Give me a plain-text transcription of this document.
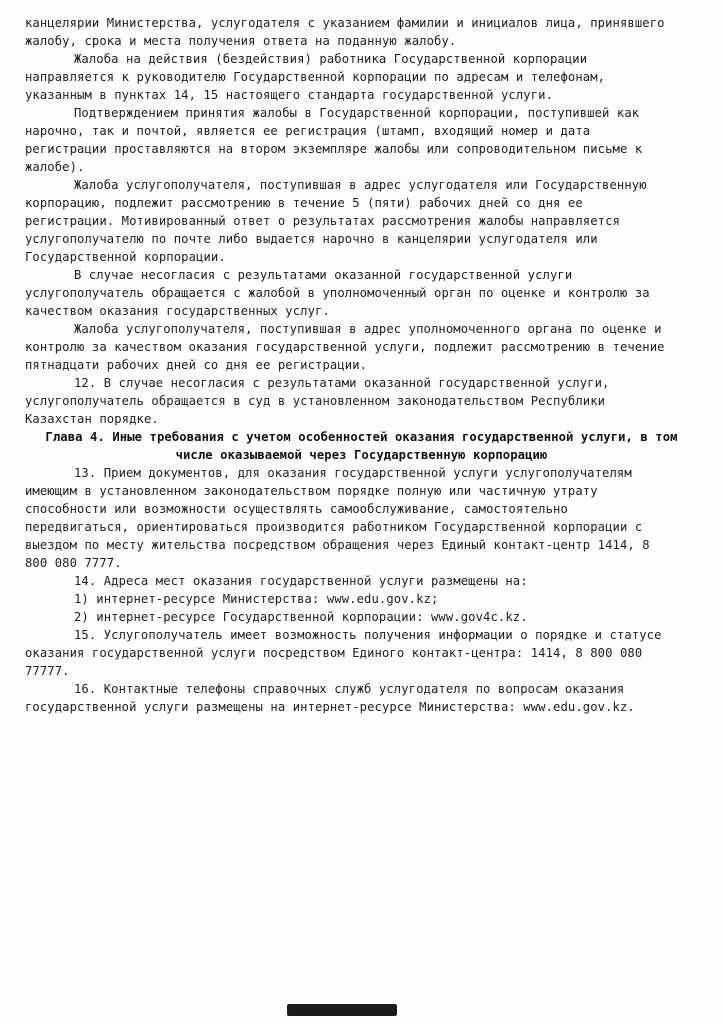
канцелярии Министерства, услугодателя с указанием фамилии и инициалов лица, принявшего
жалобу, срока и места получения ответа на поданную жалобу.
Жалоба на действия (бездействия) работника Государственной корпорации
направляется к руководителю Государственной корпорации по адресам и телефонам,
указанным в пунктах 14, 15 настоящего стандарта государственной услуги.
Подтверждением принятия жалобы в Государственной корпорации, поступившей как
нарочно, так и почтой, является ее регистрация (штамп, входящий номер и дата
регистрации проставляются на втором экземпляре жалобы или сопроводительном письме к
жалобе).
Жалоба услугополучателя, поступившая в адрес услугодателя или Государственную
корпорацию, подлежит рассмотрению в течение 5 (пяти) рабочих дней со дня ее
регистрации. Мотивированный ответ о результатах рассмотрения жалобы направляется
услугополучателю по почте либо выдается нарочно в канцелярии услугодателя или
Государственной корпорации.
В случае несогласия с результатами оказанной государственной услуги
услугополучатель обращается с жалобой в уполномоченный орган по оценке и контролю за
качеством оказания государственных услуг.
Жалоба услугополучателя, поступившая в адрес уполномоченного органа по оценке и
контролю за качеством оказания государственной услуги, подлежит рассмотрению в течение
пятнадцати рабочих дней со дня ее регистрации.
12. В случае несогласия с результатами оказанной государственной услуги,
услугополучатель обращается в суд в установленном законодательством Республики
Казахстан порядке.
Глава 4. Иные требования с учетом особенностей оказания государственной услуги, в том
числе оказываемой через Государственную корпорацию
13. Прием документов, для оказания государственной услуги услугополучателям
имеющим в установленном законодательством порядке полную или частичную утрату
способности или возможности осуществлять самообслуживание, самостоятельно
передвигаться, ориентироваться производится работником Государственной корпорации с
выездом по месту жительства посредством обращения через Единый контакт-центр 1414, 8
800 080 7777.
14. Адреса мест оказания государственной услуги размещены на:
1) интернет-ресурсе Министерства: www.edu.gov.kz;
2) интернет-ресурсе Государственной корпорации: www.gov4c.kz.
15. Услугополучатель имеет возможность получения информации о порядке и статусе
оказания государственной услуги посредством Единого контакт-центра: 1414, 8 800 080
77777.
16. Контактные телефоны справочных служб услугодателя по вопросам оказания
государственной услуги размещены на интернет-ресурсе Министерства: www.edu.gov.kz.
